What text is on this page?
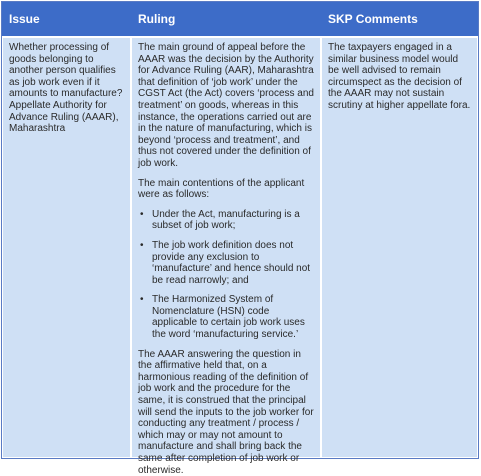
Issue	Ruling	SKP Comments

Whether processing of goods belonging to another person qualifies as job work even if it amounts to manufacture? Appellate Authority for Advance Ruling (AAAR), Maharashtra

The main ground of appeal before the AAAR was the decision by the Authority for Advance Ruling (AAR), Maharashtra that definition of ‘job work’ under the CGST Act (the Act) covers ‘process and treatment’ on goods, whereas in this instance, the operations carried out are in the nature of manufacturing, which is beyond ‘process and treatment’, and thus not covered under the definition of job work.

The main contentions of the applicant were as follows:

• Under the Act, manufacturing is a subset of job work;
• The job work definition does not provide any exclusion to ‘manufacture’ and hence should not be read narrowly; and
• The Harmonized System of Nomenclature (HSN) code applicable to certain job work uses the word ‘manufacturing service.’

The AAAR answering the question in the affirmative held that, on a harmonious reading of the definition of job work and the procedure for the same, it is construed that the principal will send the inputs to the job worker for conducting any treatment / process / which may or may not amount to manufacture and shall bring back the same after completion of job work or otherwise.

The taxpayers engaged in a similar business model would be well advised to remain circumspect as the decision of the AAAR may not sustain scrutiny at higher appellate fora.
